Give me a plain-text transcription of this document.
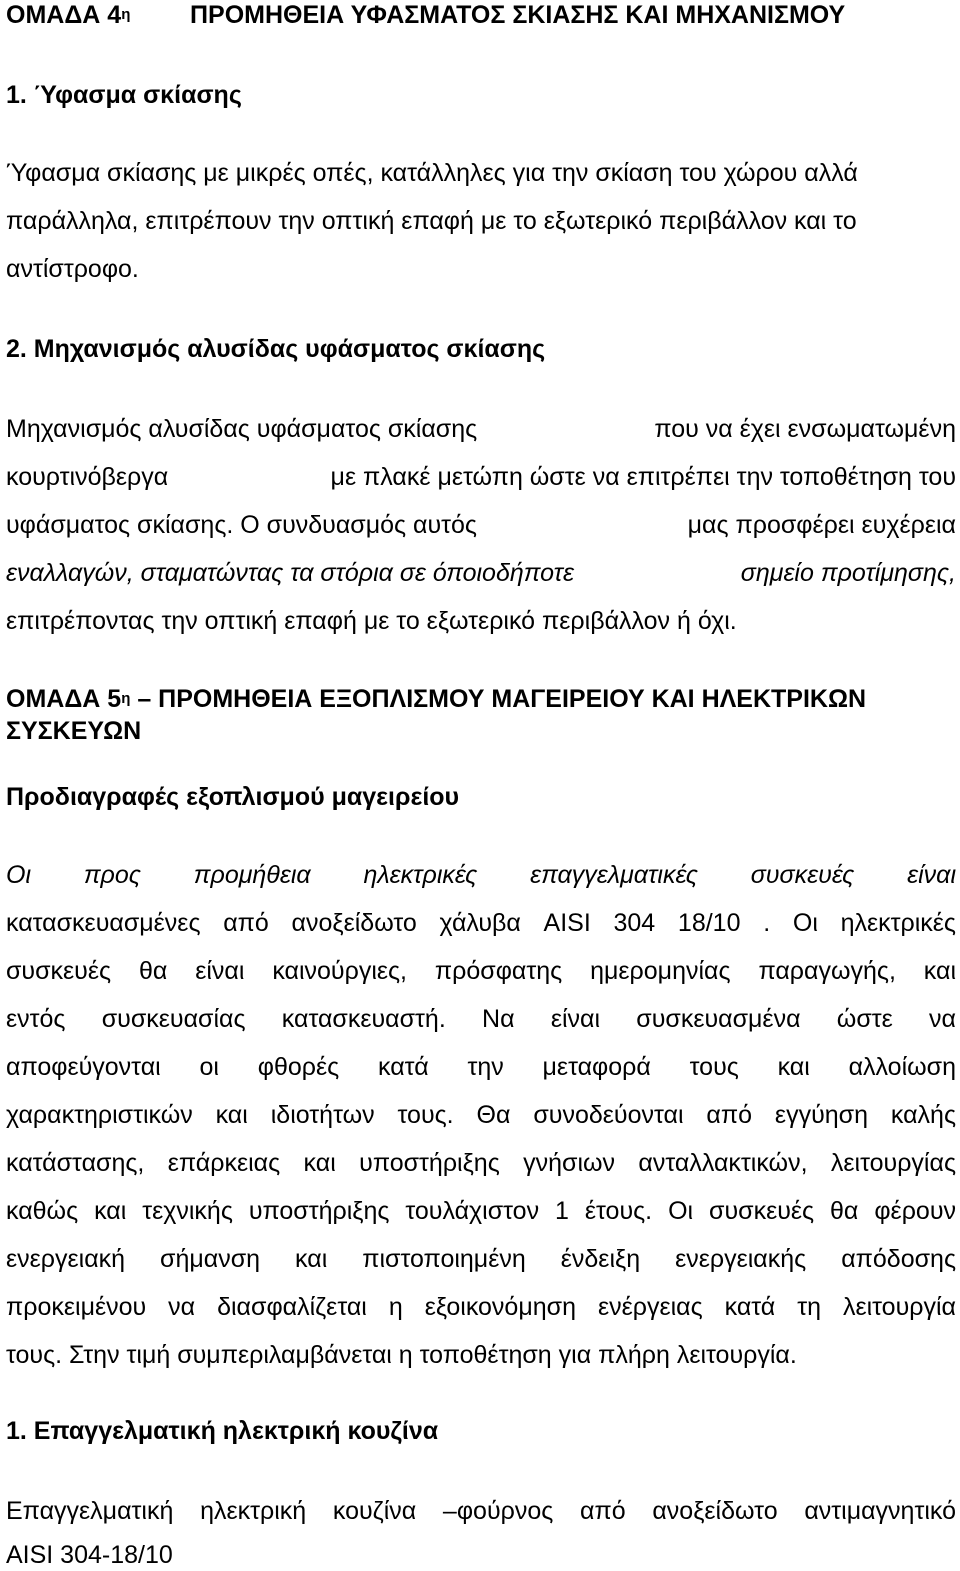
ΟΜΑΔΑ $4^\eta$ ΠΡΟΜΗΘΕΙΑ ΥΦΑΣΜΑΤΟΣ ΣΚΙΑΣΗΣ ΚΑΙ ΜΗΧΑΝΙΣΜΟΥ
1. Ύφασμα σκίασης
Ύφασμα σκίασης με μικρές οπές, κατάλληλες για την σκίαση του χώρου αλλά
παράλληλα, επιτρέπουν την οπτική επαφή με το εξωτερικό περιβάλλον και το
αντίστροφο.
2. Μηχανισμός αλυσίδας υφάσματος σκίασης
Μηχανισμός αλυσίδας υφάσματος σκίασης	που να έχει ενσωματωμένη
κουρτινόβεργα	με πλακέ μετώπη ώστε να επιτρέπει την τοποθέτηση του
υφάσματος σκίασης. Ο συνδυασμός αυτός	μας προσφέρει ευχέρεια
εναλλαγών, σταματώντας τα στόρια σε όποιοδήποτε	σημείο προτίμησης,
επιτρέποντας την οπτική επαφή με το εξωτερικό περιβάλλον ή όχι.
ΟΜΑΔΑ $5^\eta$ – ΠΡΟΜΗΘΕΙΑ ΕΞΟΠΛΙΣΜΟΥ ΜΑΓΕΙΡΕΙΟΥ ΚΑΙ ΗΛΕΚΤΡΙΚΩΝ
ΣΥΣΚΕΥΩΝ
Προδιαγραφές εξοπλισμού μαγειρείου
Οι προς προμήθεια ηλεκτρικές επαγγελματικές συσκευές είναι
κατασκευασμένες από ανοξείδωτο χάλυβα AISI 304 18/10 . Οι ηλεκτρικές
συσκευές θα είναι καινούργιες, πρόσφατης ημερομηνίας παραγωγής, και
εντός συσκευασίας κατασκευαστή. Να είναι συσκευασμένα ώστε να
αποφεύγονται οι φθορές κατά την μεταφορά τους και αλλοίωση
χαρακτηριστικών και ιδιοτήτων τους. Θα συνοδεύονται από εγγύηση καλής
κατάστασης, επάρκειας και υποστήριξης γνήσιων ανταλλακτικών, λειτουργίας
καθώς και τεχνικής υποστήριξης τουλάχιστον 1 έτους. Οι συσκευές θα φέρουν
ενεργειακή σήμανση και πιστοποιημένη ένδειξη ενεργειακής απόδοσης
προκειμένου να διασφαλίζεται η εξοικονόμηση ενέργειας κατά τη λειτουργία
τους. Στην τιμή συμπεριλαμβάνεται η τοποθέτηση για πλήρη λειτουργία.
1. Επαγγελματική ηλεκτρική κουζίνα
Επαγγελματική ηλεκτρική κουζίνα –φούρνος από ανοξείδωτο αντιμαγνητικό
AISI 304-18/10
